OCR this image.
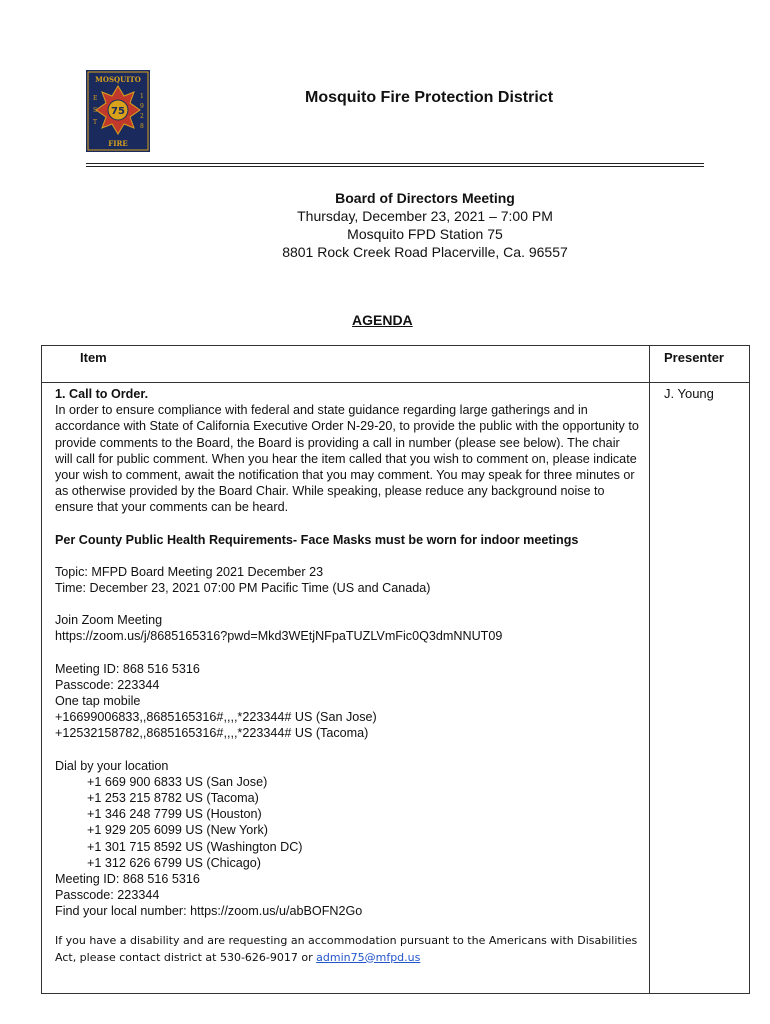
MOSQUITO
75
E
S
T
1
9
2
8
FIRE
Mosquito Fire Protection District
Board of Directors Meeting
Thursday, December 23, 2021 – 7:00 PM
Mosquito FPD Station 75
8801 Rock Creek Road Placerville, Ca. 96557
AGENDA
Item	Presenter
J. Young

1. Call to Order.

In order to ensure compliance with federal and state guidance regarding large gatherings and in accordance with State of California Executive Order N-29-20, to provide the public with the opportunity to provide comments to the Board, the Board is providing a call in number (please see below). The chair will call for public comment. When you hear the item called that you wish to comment on, please indicate your wish to comment, await the notification that you may comment. You may speak for three minutes or as otherwise provided by the Board Chair. While speaking, please reduce any background noise to ensure that your comments can be heard.

Per County Public Health Requirements- Face Masks must be worn for indoor meetings

Topic: MFPD Board Meeting 2021 December 23

Time: December 23, 2021 07:00 PM Pacific Time (US and Canada)

Join Zoom Meeting

https://zoom.us/j/8685165316?pwd=Mkd3WEtjNFpaTUZLVmFic0Q3dmNNUT09

Meeting ID: 868 516 5316

Passcode: 223344

One tap mobile

+16699006833,,8685165316#,,,,*223344# US (San Jose)

+12532158782,,8685165316#,,,,*223344# US (Tacoma)

Dial by your location

+1 669 900 6833 US (San Jose)

+1 253 215 8782 US (Tacoma)

+1 346 248 7799 US (Houston)

+1 929 205 6099 US (New York)

+1 301 715 8592 US (Washington DC)

+1 312 626 6799 US (Chicago)

Meeting ID: 868 516 5316

Passcode: 223344

Find your local number: https://zoom.us/u/abBOFN2Go

If you have a disability and are requesting an accommodation pursuant to the Americans with Disabilities Act, please contact district at 530-626-9017 or admin75@mfpd.us
